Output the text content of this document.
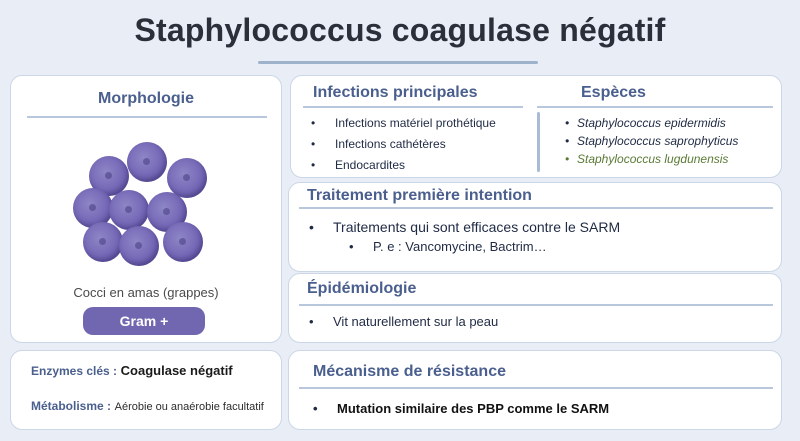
Staphylococcus coagulase négatif
Morphologie
Cocci en amas (grappes)
Gram +
Enzymes clés : Coagulase négatif
Métabolisme : Aérobie ou anaérobie facultatif
Infections principales	Espèces
• Infections matériel prothétique
• Infections cathétères
• Endocardites
• Staphylococcus epidermidis
• Staphylococcus saprophyticus
• Staphylococcus lugdunensis
Traitement première intention
• Traitements qui sont efficaces contre le SARM
• P. e : Vancomycine, Bactrim…
Épidémiologie
• Vit naturellement sur la peau
Mécanisme de résistance
• Mutation similaire des PBP comme le SARM
